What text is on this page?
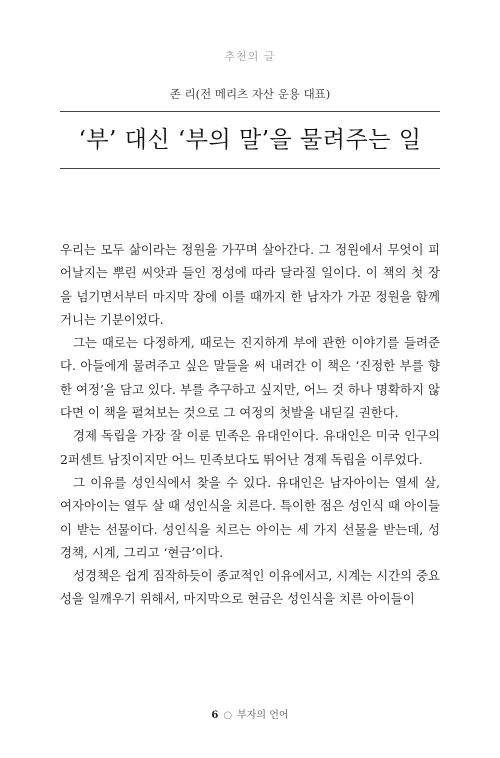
추천의 글
존 리(전 메리츠 자산 운용 대표)
‘부’ 대신 ‘부의 말’을 물려주는 일

우리는 모두 삶이라는 정원을 가꾸며 살아간다. 그 정원에서 무엇이 피어날지는 뿌린 씨앗과 들인 정성에 따라 달라질 일이다. 이 책의 첫 장을 넘기면서부터 마지막 장에 이를 때까지 한 남자가 가꾼 정원을 함께 거니는 기분이었다.

그는 때로는 다정하게, 때로는 진지하게 부에 관한 이야기를 들려준다. 아들에게 물려주고 싶은 말들을 써 내려간 이 책은 ‘진정한 부를 향한 여정’을 담고 있다. 부를 추구하고 싶지만, 어느 것 하나 명확하지 않다면 이 책을 펼쳐보는 것으로 그 여정의 첫발을 내딛길 권한다.

경제 독립을 가장 잘 이룬 민족은 유대인이다. 유대인은 미국 인구의 2퍼센트 남짓이지만 어느 민족보다도 뛰어난 경제 독립을 이루었다.

그 이유를 성인식에서 찾을 수 있다. 유대인은 남자아이는 열세 살, 여자아이는 열두 살 때 성인식을 치른다. 특이한 점은 성인식 때 아이들이 받는 선물이다. 성인식을 치르는 아이는 세 가지 선물을 받는데, 성경책, 시계, 그리고 ‘현금’이다.

성경책은 쉽게 짐작하듯이 종교적인 이유에서고, 시계는 시간의 중요성을 일깨우기 위해서, 마지막으로 현금은 성인식을 치른 아이들이

6 ○ 부자의 언어
